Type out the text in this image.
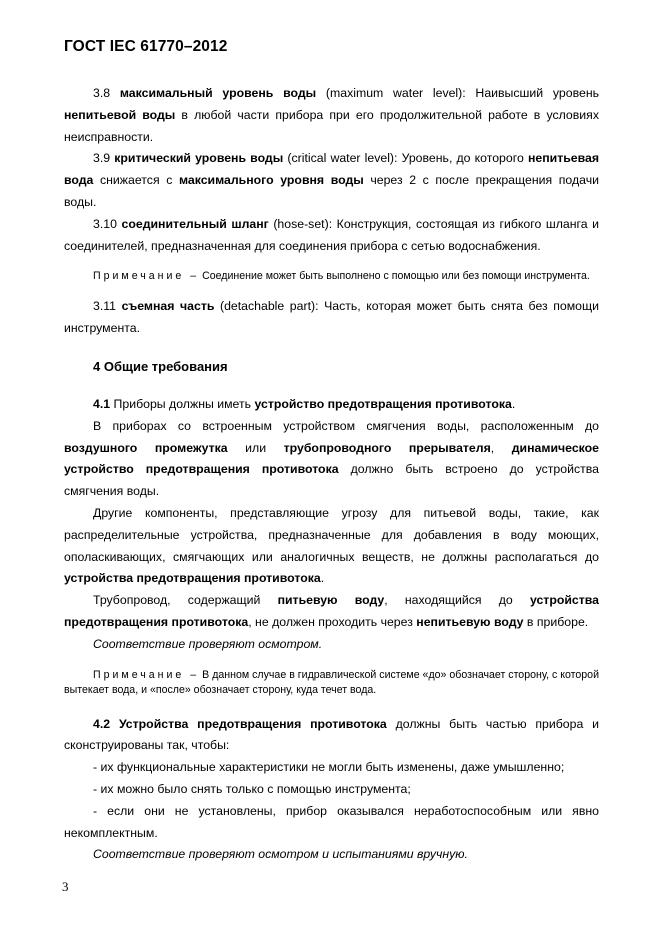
ГОСТ IEC 61770–2012

3.8 максимальный уровень воды (maximum water level): Наивысший уровень непитьевой воды в любой части прибора при его продолжительной работе в условиях неисправности.

3.9 критический уровень воды (critical water level): Уровень, до которого непитьевая вода снижается с максимального уровня воды через 2 с после прекращения подачи воды.

3.10 соединительный шланг (hose-set): Конструкция, состоящая из гибкого шланга и соединителей, предназначенная для соединения прибора с сетью водоснабжения.

Примечание – Соединение может быть выполнено с помощью или без помощи инструмента.

3.11 съемная часть (detachable part): Часть, которая может быть снята без помощи инструмента.

4 Общие требования

4.1 Приборы должны иметь устройство предотвращения противотока.

В приборах со встроенным устройством смягчения воды, расположенным до воздушного промежутка или трубопроводного прерывателя, динамическое устройство предотвращения противотока должно быть встроено до устройства смягчения воды.

Другие компоненты, представляющие угрозу для питьевой воды, такие, как распределительные устройства, предназначенные для добавления в воду моющих, ополаскивающих, смягчающих или аналогичных веществ, не должны располагаться до устройства предотвращения противотока.

Трубопровод, содержащий питьевую воду, находящийся до устройства предотвращения противотока, не должен проходить через непитьевую воду в приборе.

Соответствие проверяют осмотром.

Примечание – В данном случае в гидравлической системе «до» обозначает сторону, с которой вытекает вода, и «после» обозначает сторону, куда течет вода.

4.2 Устройства предотвращения противотока должны быть частью прибора и сконструированы так, чтобы:

- их функциональные характеристики не могли быть изменены, даже умышленно;

- их можно было снять только с помощью инструмента;

- если они не установлены, прибор оказывался неработоспособным или явно некомплектным.

Соответствие проверяют осмотром и испытаниями вручную.

3
